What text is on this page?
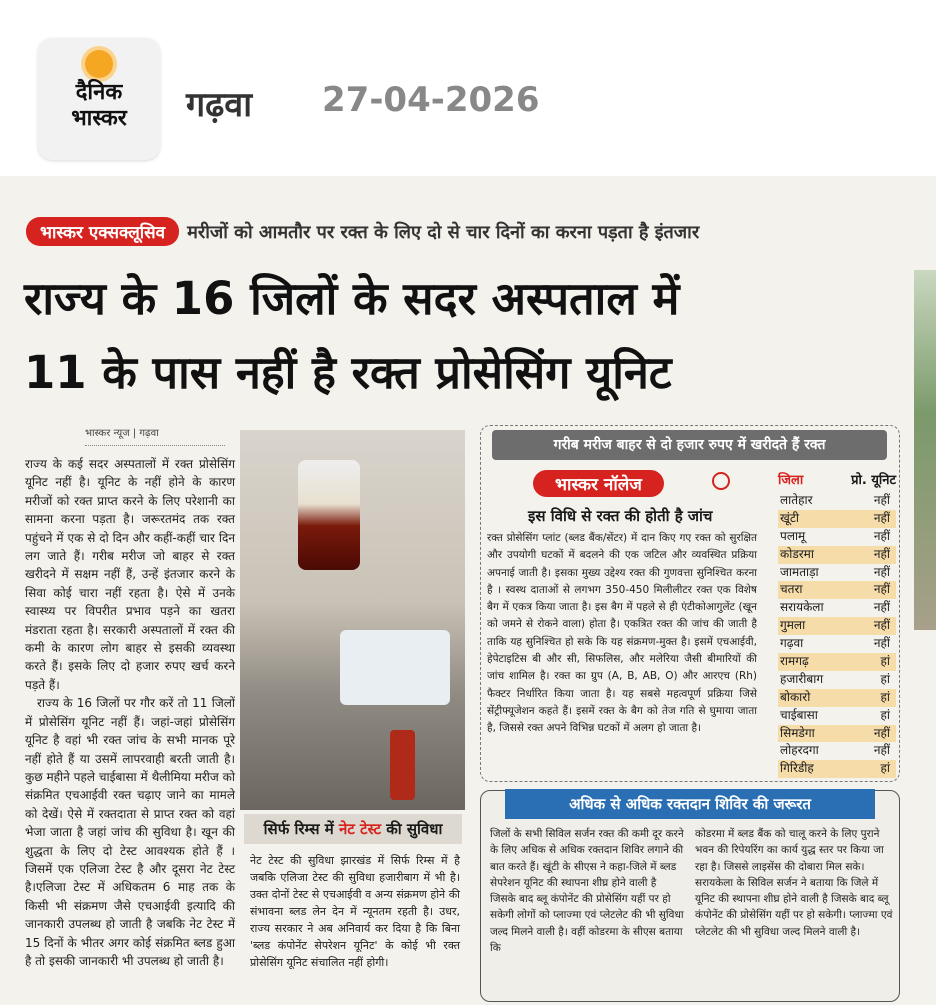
दैनिक
भास्कर	गढ़वा 27-04-2026
भास्कर एक्सक्लूसिव	मरीजों को आमतौर पर रक्त के लिए दो से चार दिनों का करना पड़ता है इंतजार
राज्य के 16 जिलों के सदर अस्पताल में
11 के पास नहीं है रक्त प्रोसेसिंग यूनिट
भास्कर न्यूज | गढ़वा

राज्य के कई सदर अस्पतालों में रक्त प्रोसेसिंग यूनिट नहीं है। यूनिट के नहीं होने के कारण मरीजों को रक्त प्राप्त करने के लिए परेशानी का सामना करना पड़ता है। जरूरतमंद तक रक्त पहुंचने में एक से दो दिन और कहीं-कहीं चार दिन लग जाते हैं। गरीब मरीज जो बाहर से रक्त खरीदने में सक्षम नहीं हैं, उन्हें इंतजार करने के सिवा कोई चारा नहीं रहता है। ऐसे में उनके स्वास्थ्य पर विपरीत प्रभाव पड़ने का खतरा मंडराता रहता है। सरकारी अस्पतालों में रक्त की कमी के कारण लोग बाहर से इसकी व्यवस्था करते हैं। इसके लिए दो हजार रुपए खर्च करने पड़ते हैं।

राज्य के 16 जिलों पर गौर करें तो 11 जिलों में प्रोसेसिंग यूनिट नहीं हैं। जहां-जहां प्रोसेसिंग यूनिट है वहां भी रक्त जांच के सभी मानक पूरे नहीं होते हैं या उसमें लापरवाही बरती जाती है। कुछ महीने पहले चाईबासा में थैलीमिया मरीज को संक्रमित एचआईवी रक्त चढ़ाए जाने का मामले को देखें। ऐसे में रक्तदाता से प्राप्त रक्त को वहां भेजा जाता है जहां जांच की सुविधा है। खून की शुद्धता के लिए दो टेस्ट आवश्यक होते हैं । जिसमें एक एलिजा टेस्ट है और दूसरा नेट टेस्ट है।एलिजा टेस्ट में अधिकतम 6 माह तक के किसी भी संक्रमण जैसे एचआईवी इत्यादि की जानकारी उपलब्ध हो जाती है जबकि नेट टेस्ट में 15 दिनों के भीतर अगर कोई संक्रमित ब्लड हुआ है तो इसकी जानकारी भी उपलब्ध हो जाती है।

सिर्फ रिम्स में नेट टेस्ट की सुविधा
नेट टेस्ट की सुविधा झारखंड में सिर्फ रिम्स में है जबकि एलिजा टेस्ट की सुविधा हजारीबाग में भी है। उक्त दोनों टेस्ट से एचआईवी व अन्य संक्रमण होने की संभावना ब्लड लेन देन में न्यूनतम रहती है। उधर, राज्य सरकार ने अब अनिवार्य कर दिया है कि बिना 'ब्लड कंपोनेंट सेपरेशन यूनिट' के कोई भी रक्त प्रोसेसिंग यूनिट संचालित नहीं होगी।
गरीब मरीज बाहर से दो हजार रुपए में खरीदते हैं रक्त
भास्कर नॉलेज
इस विधि से रक्त की होती है जांच
रक्त प्रोसेसिंग प्लांट (ब्लड बैंक/सेंटर) में दान किए गए रक्त को सुरक्षित और उपयोगी घटकों में बदलने की एक जटिल और व्यवस्थित प्रक्रिया अपनाई जाती है। इसका मुख्य उद्देश्य रक्त की गुणवत्ता सुनिश्चित करना है । स्वस्थ दाताओं से लगभग 350-450 मिलीलीटर रक्त एक विशेष बैग में एकत्र किया जाता है। इस बैग में पहले से ही एंटीकोआगुलेंट (खून को जमने से रोकने वाला) होता है। एकत्रित रक्त की जांच की जाती है ताकि यह सुनिश्चित हो सके कि यह संक्रमण-मुक्त है। इसमें एचआईवी, हेपेटाइटिस बी और सी, सिफलिस, और मलेरिया जैसी बीमारियों की जांच शामिल है। रक्त का ग्रुप (A, B, AB, O) और आरएच (Rh) फैक्टर निर्धारित किया जाता है। यह सबसे महत्वपूर्ण प्रक्रिया जिसे सेंट्रीफ्यूजेशन कहते हैं। इसमें रक्त के बैग को तेज गति से घुमाया जाता है, जिससे रक्त अपने विभिन्न घटकों में अलग हो जाता है।
जिला	प्रो. यूनिट
लातेहार	नहीं
खूंटी	नहीं
पलामू	नहीं
कोडरमा	नहीं
जामताड़ा	नहीं
चतरा	नहीं
सरायकेला	नहीं
गुमला	नहीं
गढ़वा	नहीं
रामगढ़	हां
हजारीबाग	हां
बोकारो	हां
चाईबासा	हां
सिमडेगा	नहीं
लोहरदगा	नहीं
गिरिडीह	हां
अधिक से अधिक रक्तदान शिविर की जरूरत
जिलों के सभी सिविल सर्जन रक्त की कमी दूर करने के लिए अधिक से अधिक रक्तदान शिविर लगाने की बात करते हैं। खूंटी के सीएस ने कहा-जिले में ब्लड सेपरेशन यूनिट की स्थापना शीघ्र होने वाली है जिसके बाद ब्लू कंपोनेंट की प्रोसेसिंग यहीं पर हो सकेगी लोगों को प्लाज्मा एवं प्लेटलेट की भी सुविधा जल्द मिलने वाली है। वहीं कोडरमा के सीएस बताया कि
कोडरमा में ब्लड बैंक को चालू करने के लिए पुराने भवन की रिपेयरिंग का कार्य युद्ध स्तर पर किया जा रहा है। जिससे लाइसेंस की दोबारा मिल सके। सरायकेला के सिविल सर्जन ने बताया कि जिले में यूनिट की स्थापना शीघ्र होने वाली है जिसके बाद ब्लू कंपोनेंट की प्रोसेसिंग यहीं पर हो सकेगी। प्लाज्मा एवं प्लेटलेट की भी सुविधा जल्द मिलने वाली है।
